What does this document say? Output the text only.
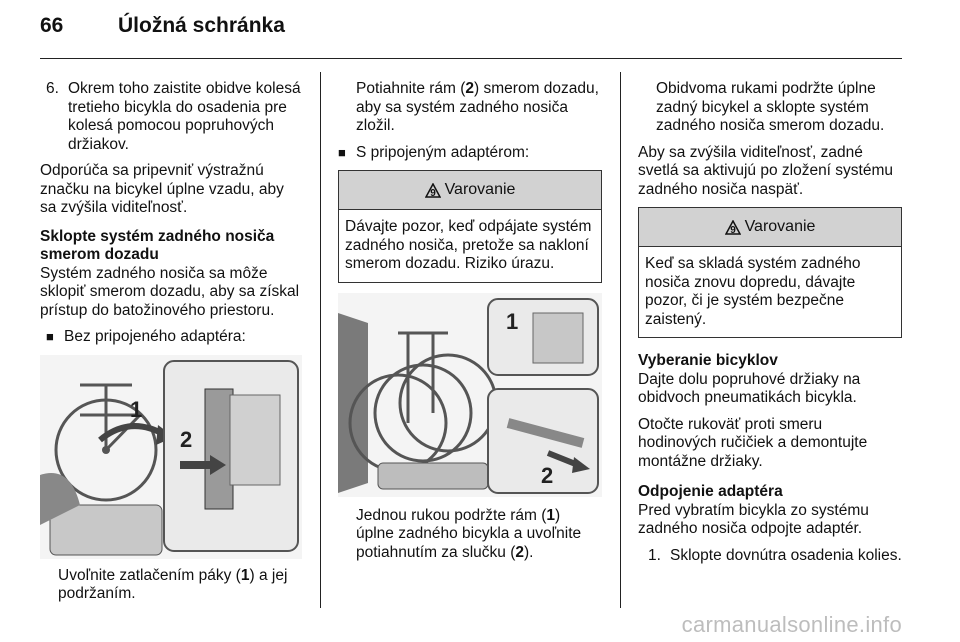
66	Úložná schránka
6. Okrem toho zaistite obidve kolesá tretieho bicykla do osadenia pre kolesá pomocou popruhových držiakov.

Odporúča sa pripevniť výstražnú značku na bicykel úplne vzadu, aby sa zvýšila viditeľnosť.

Sklopte systém zadného nosiča smerom dozadu

Systém zadného nosiča sa môže sklopiť smerom dozadu, aby sa získal prístup do batožinového priestoru.

■ Bez pripojeného adaptéra:
1
2

Uvoľnite zatlačením páky (1) a jej podržaním.

Potiahnite rám (2) smerom dozadu, aby sa systém zadného nosiča zložil.

■ S pripojeným adaptérom:
9 Varovanie
Dávajte pozor, keď odpájate systém zadného nosiča, pretože sa nakloní smerom dozadu. Riziko úrazu.
1
2

Jednou rukou podržte rám (1) úplne zadného bicykla a uvoľnite potiahnutím za slučku (2).

Obidvoma rukami podržte úplne zadný bicykel a sklopte systém zadného nosiča smerom dozadu.

Aby sa zvýšila viditeľnosť, zadné svetlá sa aktivujú po zložení systému zadného nosiča naspäť.

9 Varovanie
Keď sa skladá systém zadného nosiča znovu dopredu, dávajte pozor, či je systém bezpečne zaistený.
Vyberanie bicyklov

Dajte dolu popruhové držiaky na obidvoch pneumatikách bicykla.

Otočte rukoväť proti smeru hodinových ručičiek a demontujte montážne držiaky.

Odpojenie adaptéra

Pred vybratím bicykla zo systému zadného nosiča odpojte adaptér.

1. Sklopte dovnútra osadenia kolies.
carmanualsonline.info
